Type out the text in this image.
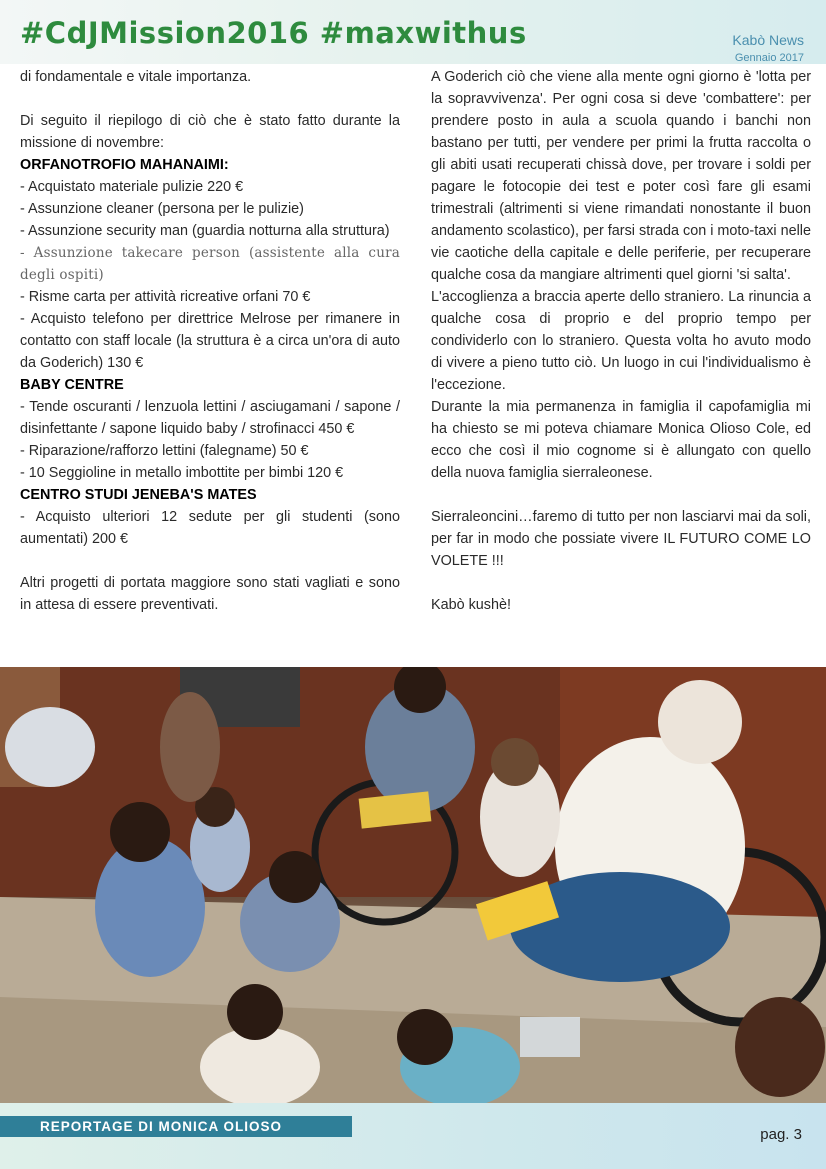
#CdJMission2016 #maxwithus	Kabò News
Gennaio 2017

di fondamentale e vitale importanza.

Di seguito il riepilogo di ciò che è stato fatto durante la missione di novembre:

ORFANOTROFIO MAHANAIMI:

- Acquistato materiale pulizie 220 €

- Assunzione cleaner (persona per le pulizie)

- Assunzione security man (guardia notturna alla struttura)

- Assunzione takecare person (assistente alla cura degli ospiti)

- Risme carta per attività ricreative orfani 70 €

- Acquisto telefono per direttrice Melrose per rimanere in contatto con staff locale (la struttura è a circa un'ora di auto da Goderich) 130 €

BABY CENTRE

- Tende oscuranti / lenzuola lettini / asciugamani / sapone / disinfettante / sapone liquido baby / strofinacci 450 €

- Riparazione/rafforzo lettini (falegname) 50 €

- 10 Seggioline in metallo imbottite per bimbi 120 €

CENTRO STUDI JENEBA'S MATES

- Acquisto ulteriori 12 sedute per gli studenti (sono aumentati) 200 €

Altri progetti di portata maggiore sono stati vagliati e sono in attesa di essere preventivati.

A Goderich ciò che viene alla mente ogni giorno è 'lotta per la sopravvivenza'. Per ogni cosa si deve 'combattere': per prendere posto in aula a scuola quando i banchi non bastano per tutti, per vendere per primi la frutta raccolta o gli abiti usati recuperati chissà dove, per trovare i soldi per pagare le fotocopie dei test e poter così fare gli esami trimestrali (altrimenti si viene rimandati nonostante il buon andamento scolastico), per farsi strada con i moto-taxi nelle vie caotiche della capitale e delle periferie, per recuperare qualche cosa da mangiare altrimenti quel giorni 'si salta'.

L'accoglienza a braccia aperte dello straniero. La rinuncia a qualche cosa di proprio e del proprio tempo per condividerlo con lo straniero. Questa volta ho avuto modo di vivere a pieno tutto ciò. Un luogo in cui l'individualismo è l'eccezione.

Durante la mia permanenza in famiglia il capofamiglia mi ha chiesto se mi poteva chiamare Monica Olioso Cole, ed ecco che così il mio cognome si è allungato con quello della nuova famiglia sierraleonese.

Sierraleoncini…faremo di tutto per non lasciarvi mai da soli, per far in modo che possiate vivere IL FUTURO COME LO VOLETE !!!

Kabò kushè!

REPORTAGE DI MONICA OLIOSO	pag. 3
